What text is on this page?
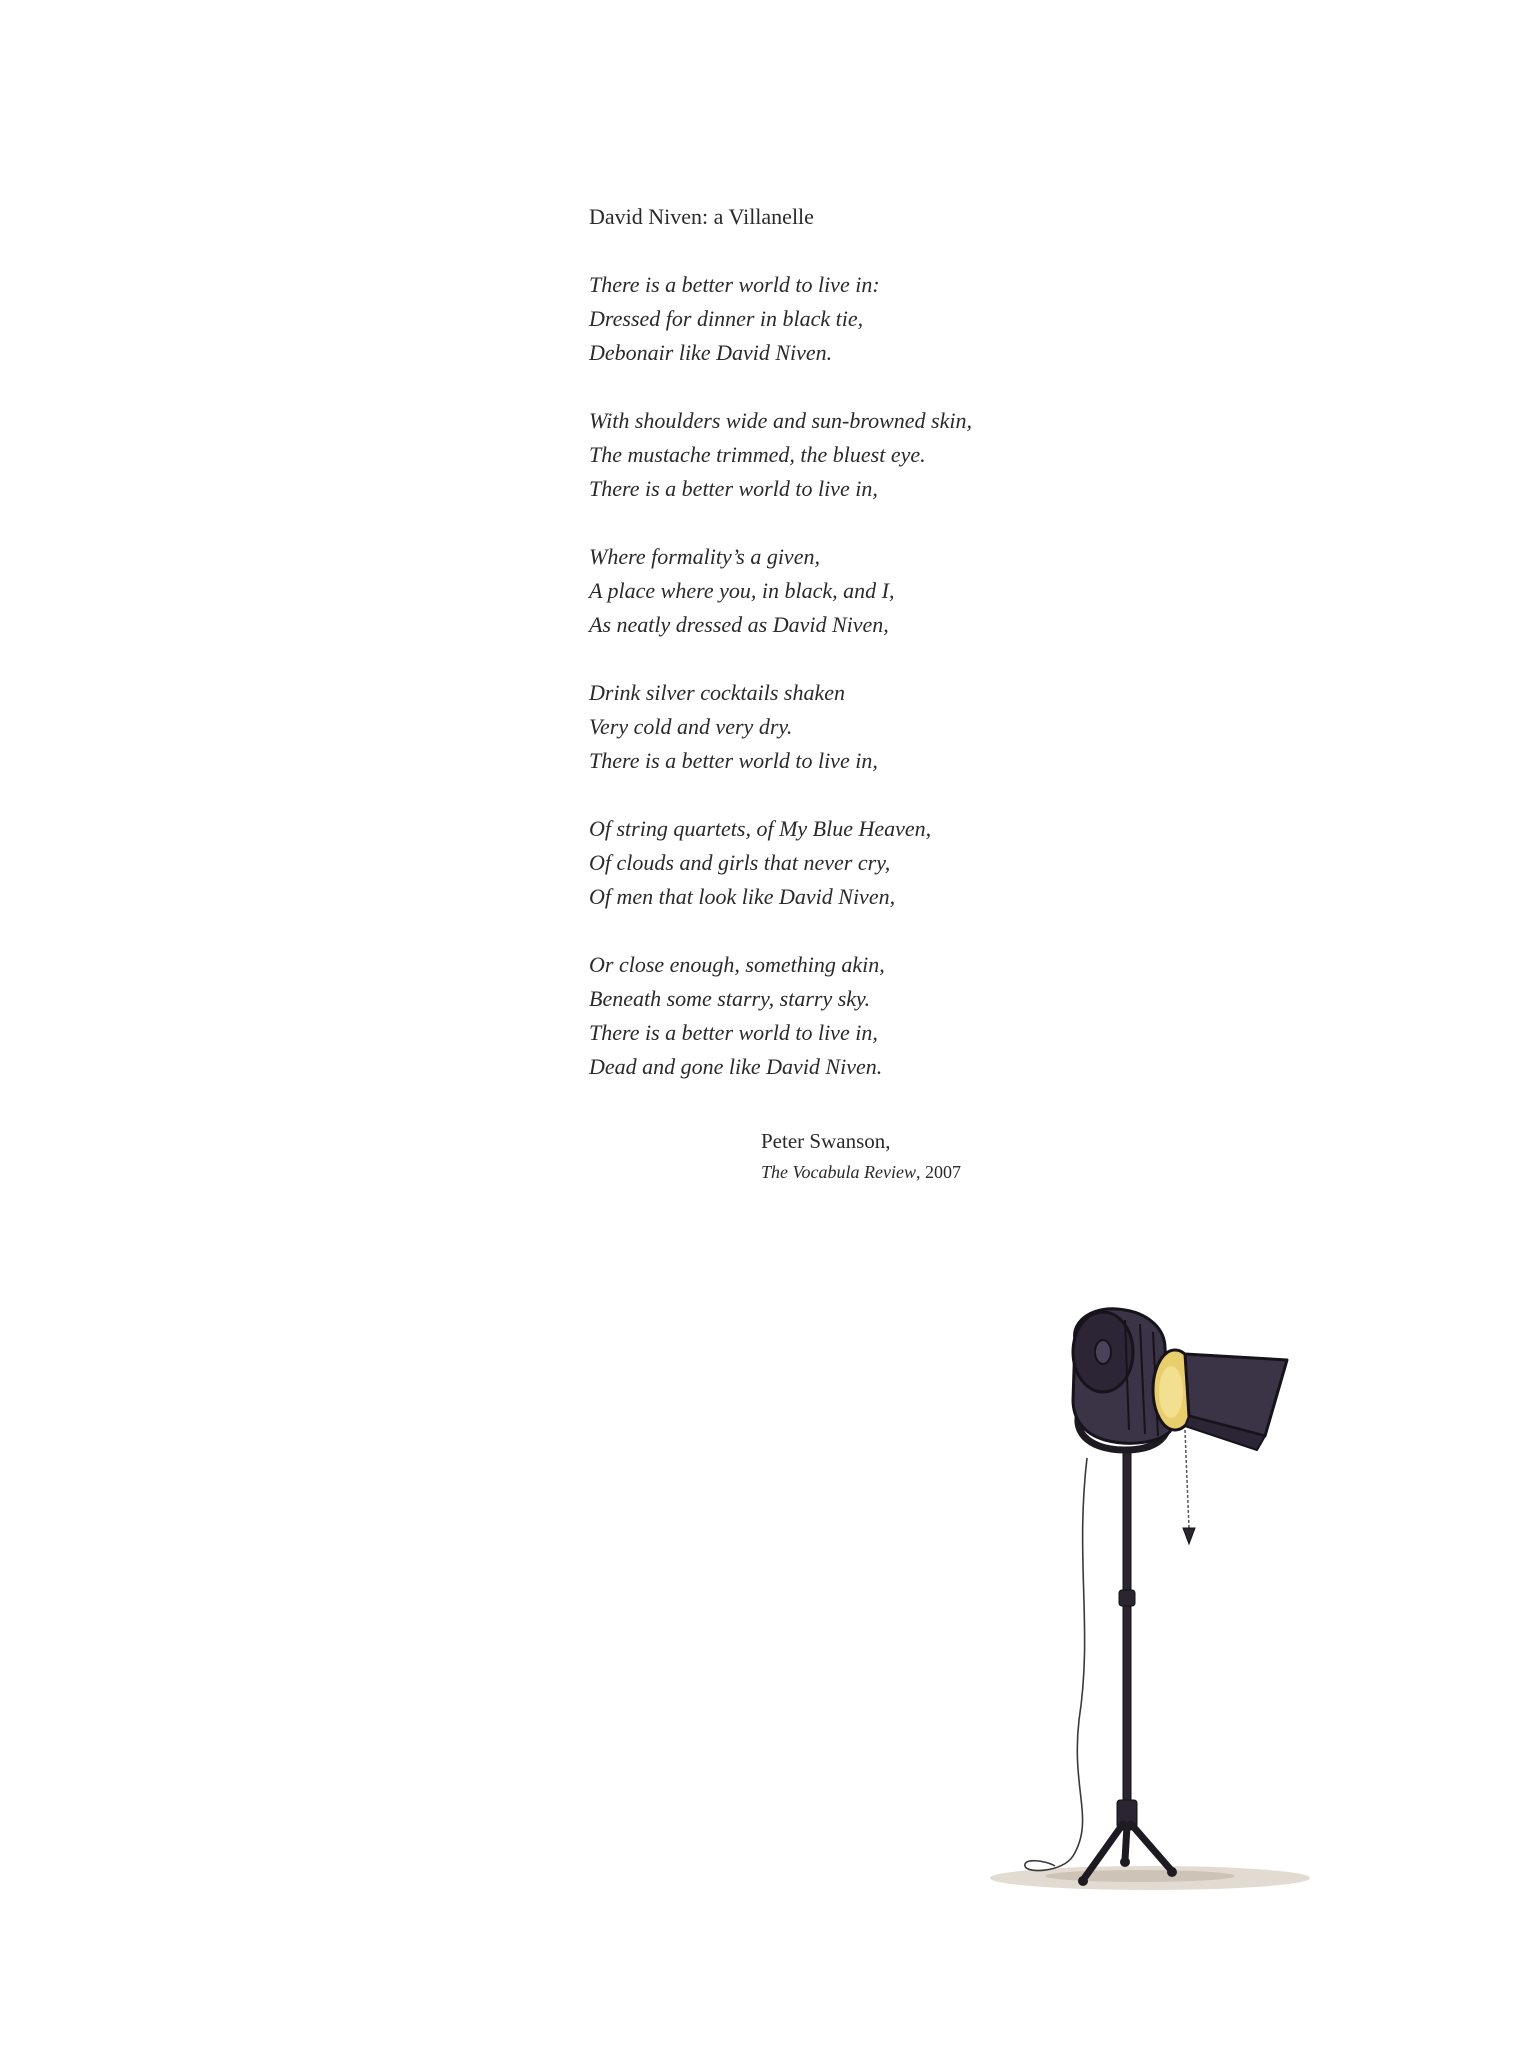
David Niven: a Villanelle
There is a better world to live in:
Dressed for dinner in black tie,
Debonair like David Niven.
With shoulders wide and sun-browned skin,
The mustache trimmed, the bluest eye.
There is a better world to live in,
Where formality’s a given,
A place where you, in black, and I,
As neatly dressed as David Niven,
Drink silver cocktails shaken
Very cold and very dry.
There is a better world to live in,
Of string quartets, of My Blue Heaven,
Of clouds and girls that never cry,
Of men that look like David Niven,
Or close enough, something akin,
Beneath some starry, starry sky.
There is a better world to live in,
Dead and gone like David Niven.
Peter Swanson,
The Vocabula Review, 2007
